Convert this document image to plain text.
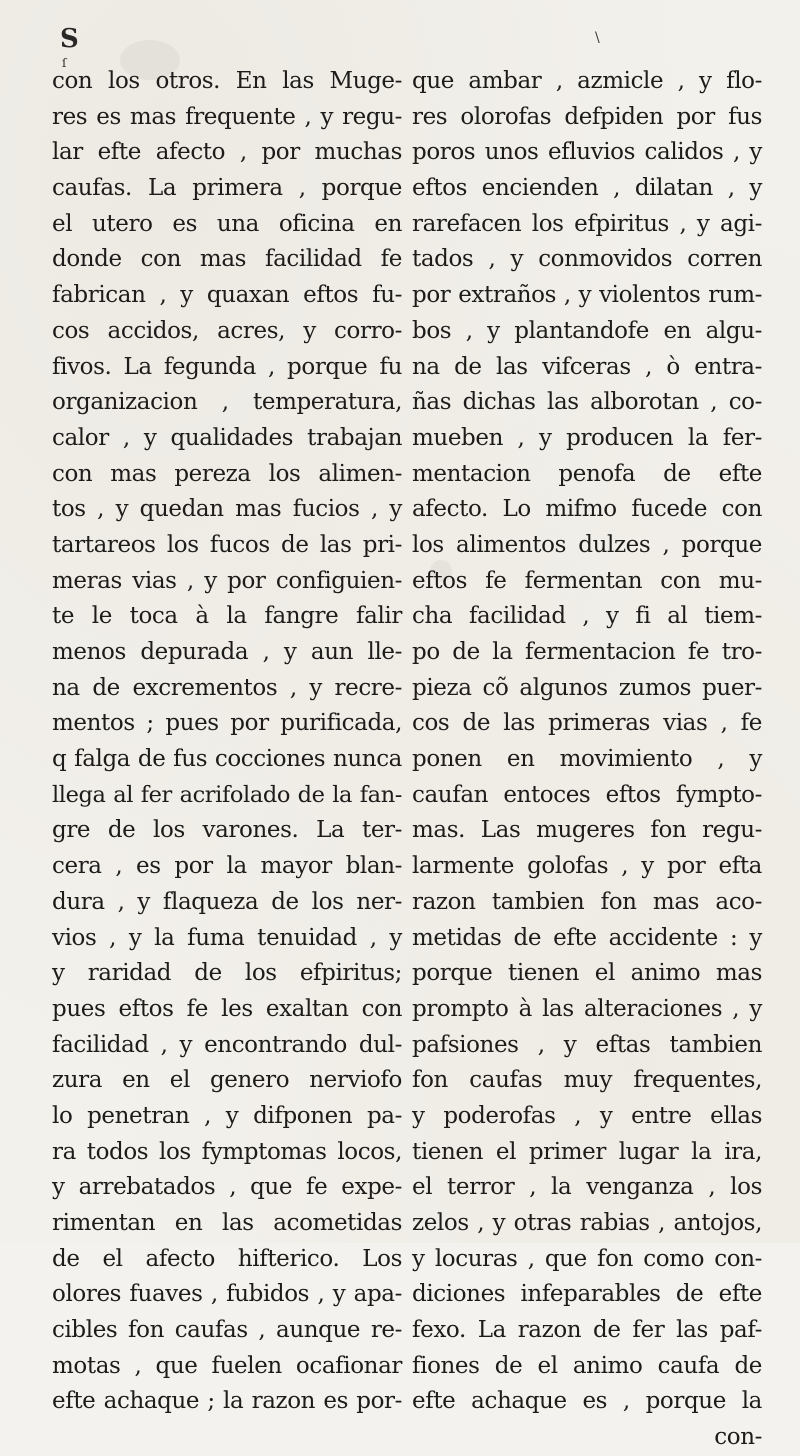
S
ſ
\
con los otros. En las Muge-
res es mas frequente , y regu-
lar efte afecto , por muchas
caufas. La primera , porque
el utero es una oficina en
donde con mas facilidad fe
fabrican , y quaxan eftos fu-
cos accidos, acres, y corro-
fivos. La fegunda , porque fu
organizacion , temperatura,
calor , y qualidades trabajan
con mas pereza los alimen-
tos , y quedan mas fucios , y
tartareos los fucos de las pri-
meras vias , y por configuien-
te le toca à la fangre falir
menos depurada , y aun lle-
na de excrementos , y recre-
mentos ; pues por purificada,
q falga de fus cocciones nunca
llega al fer acrifolado de la fan-
gre de los varones. La ter-
cera , es por la mayor blan-
dura , y flaqueza de los ner-
vios , y la fuma tenuidad , y
y raridad de los efpiritus;
pues eftos fe les exaltan con
facilidad , y encontrando dul-
zura en el genero nerviofo
lo penetran , y difponen pa-
ra todos los fymptomas locos,
y arrebatados , que fe expe-
rimentan en las acometidas
de el afecto hifterico. Los
olores fuaves , fubidos , y apa-
cibles fon caufas , aunque re-
motas , que fuelen ocafionar
efte achaque ; la razon es por-
que ambar , azmicle , y flo-
res olorofas defpiden por fus
poros unos efluvios calidos , y
eftos encienden , dilatan , y
rarefacen los efpiritus , y agi-
tados , y conmovidos corren
por extraños , y violentos rum-
bos , y plantandofe en algu-
na de las vifceras , ò entra-
ñas dichas las alborotan , co-
mueben , y producen la fer-
mentacion penofa de efte
afecto. Lo mifmo fucede con
los alimentos dulzes , porque
eftos fe fermentan con mu-
cha facilidad , y fi al tiem-
po de la fermentacion fe tro-
pieza cõ algunos zumos puer-
cos de las primeras vias , fe
ponen en movimiento , y
caufan entoces eftos fympto-
mas. Las mugeres fon regu-
larmente golofas , y por efta
razon tambien fon mas aco-
metidas de efte accidente : y
porque tienen el animo mas
prompto à las alteraciones , y
pafsiones , y eftas tambien
fon caufas muy frequentes,
y poderofas , y entre ellas
tienen el primer lugar la ira,
el terror , la venganza , los
zelos , y otras rabias , antojos,
y locuras , que fon como con-
diciones infeparables de efte
fexo. La razon de fer las paf-
fiones de el animo caufa de
efte achaque es , porque la
con-
